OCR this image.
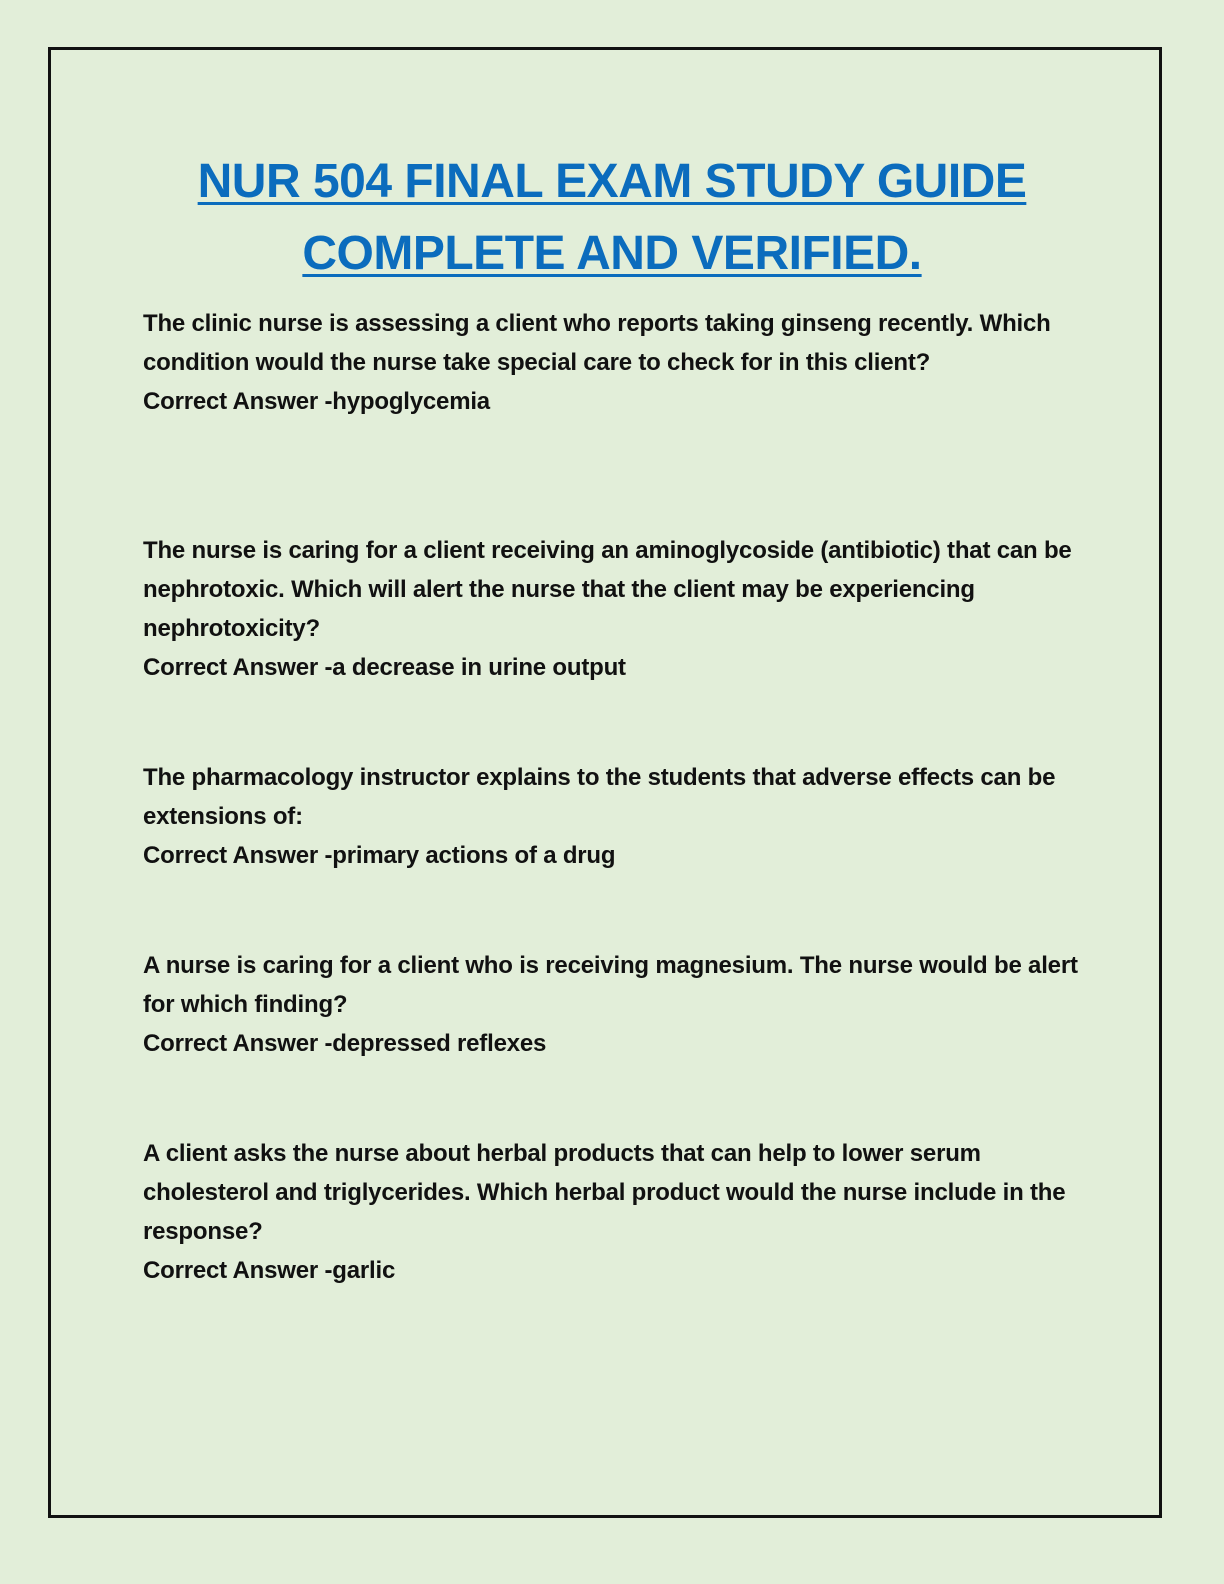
NUR 504 FINAL EXAM STUDY GUIDE
COMPLETE AND VERIFIED.
The clinic nurse is assessing a client who reports taking ginseng recently. Which condition would the nurse take special care to check for in this client?
Correct Answer -hypoglycemia
The nurse is caring for a client receiving an aminoglycoside (antibiotic) that can be nephrotoxic. Which will alert the nurse that the client may be experiencing nephrotoxicity?
Correct Answer -a decrease in urine output
The pharmacology instructor explains to the students that adverse effects can be extensions of:
Correct Answer -primary actions of a drug
A nurse is caring for a client who is receiving magnesium. The nurse would be alert for which finding?
Correct Answer -depressed reflexes
A client asks the nurse about herbal products that can help to lower serum cholesterol and triglycerides. Which herbal product would the nurse include in the response?
Correct Answer -garlic
